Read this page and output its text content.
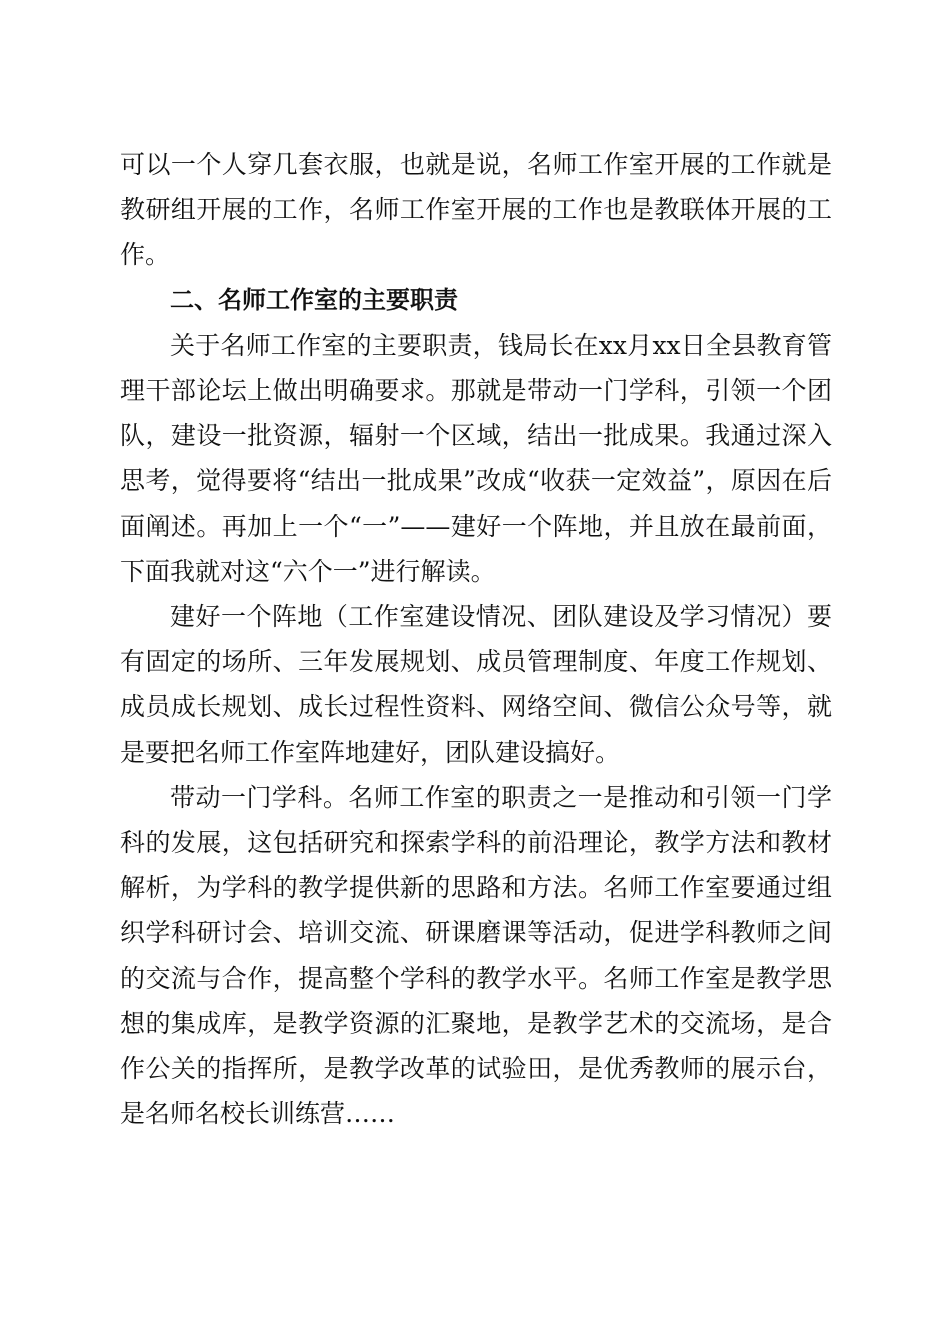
可以一个人穿几套衣服，也就是说，名师工作室开展的工作就是教研组开展的工作，名师工作室开展的工作也是教联体开展的工作。

二、名师工作室的主要职责

关于名师工作室的主要职责，钱局长在xx月xx日全县教育管理干部论坛上做出明确要求。那就是带动一门学科，引领一个团队，建设一批资源，辐射一个区域，结出一批成果。我通过深入思考，觉得要将“结出一批成果”改成“收获一定效益”，原因在后面阐述。再加上一个“一”——建好一个阵地，并且放在最前面，下面我就对这“六个一”进行解读。

建好一个阵地（工作室建设情况、团队建设及学习情况）要有固定的场所、三年发展规划、成员管理制度、年度工作规划、成员成长规划、成长过程性资料、网络空间、微信公众号等，就是要把名师工作室阵地建好，团队建设搞好。

带动一门学科。名师工作室的职责之一是推动和引领一门学科的发展，这包括研究和探索学科的前沿理论，教学方法和教材解析，为学科的教学提供新的思路和方法。名师工作室要通过组织学科研讨会、培训交流、研课磨课等活动，促进学科教师之间的交流与合作，提高整个学科的教学水平。名师工作室是教学思想的集成库，是教学资源的汇聚地，是教学艺术的交流场，是合作公关的指挥所，是教学改革的试验田，是优秀教师的展示台，是名师名校长训练营……
